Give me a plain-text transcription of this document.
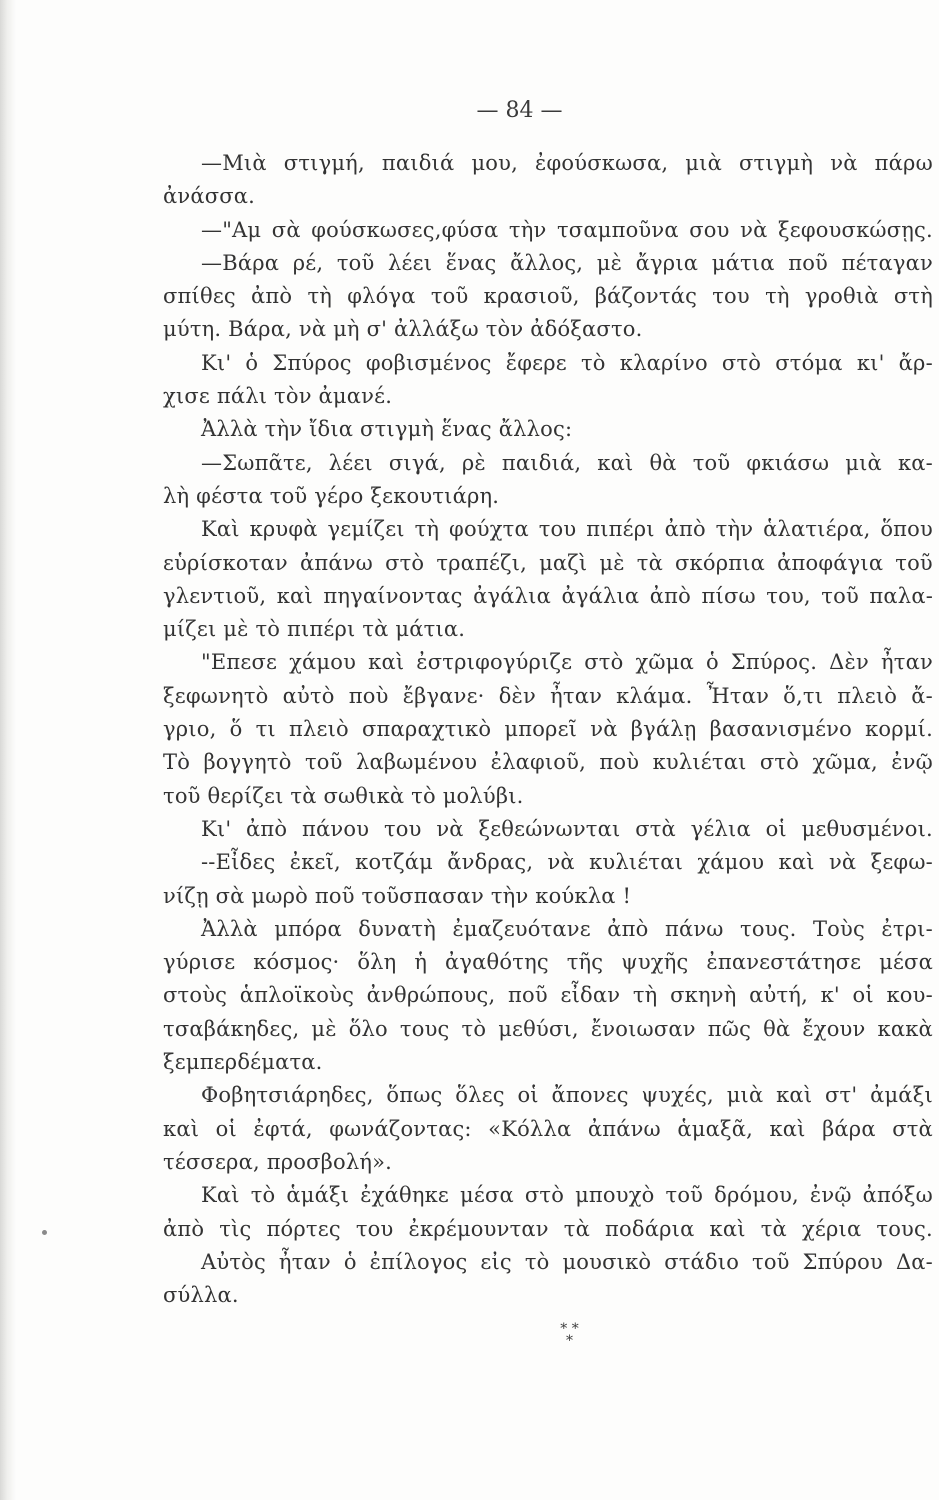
— 84 —
—Μιὰ στιγμή, παιδιά μου, ἐφούσκωσα, μιὰ στιγμὴ νὰ πάρω
ἀνάσσα.
—"Αμ σὰ φούσκωσες,φύσα τὴν τσαμποῦνα σου νὰ ξεφουσκώσῃς.
—Βάρα ρέ, τοῦ λέει ἕνας ἄλλος, μὲ ἄγρια μάτια ποῦ πέταγαν
σπίθες ἀπὸ τὴ φλόγα τοῦ κρασιοῦ, βάζοντάς του τὴ γροθιὰ στὴ
μύτη. Βάρα, νὰ μὴ σ' ἀλλάξω τὸν ἀδόξαστο.
Κι' ὁ Σπύρος φοβισμένος ἔφερε τὸ κλαρίνο στὸ στόμα κι' ἄρ-
χισε πάλι τὸν ἀμανέ.
Ἀλλὰ τὴν ἴδια στιγμὴ ἕνας ἄλλος:
—Σωπᾶτε, λέει σιγά, ρὲ παιδιά, καὶ θὰ τοῦ φκιάσω μιὰ κα-
λὴ φέστα τοῦ γέρο ξεκουτιάρη.
Καὶ κρυφὰ γεμίζει τὴ φούχτα του πιπέρι ἀπὸ τὴν ἁλατιέρα, ὅπου
εὑρίσκοταν ἀπάνω στὸ τραπέζι, μαζὶ μὲ τὰ σκόρπια ἀποφάγια τοῦ
γλεντιοῦ, καὶ πηγαίνοντας ἀγάλια ἀγάλια ἀπὸ πίσω του, τοῦ παλα-
μίζει μὲ τὸ πιπέρι τὰ μάτια.
"Επεσε χάμου καὶ ἐστριφογύριζε στὸ χῶμα ὁ Σπύρος. Δὲν ἦταν
ξεφωνητὸ αὐτὸ ποὺ ἔβγανε· δὲν ἦταν κλάμα. Ἦταν ὅ,τι πλειὸ ἄ-
γριο, ὅ τι πλειὸ σπαραχτικὸ μπορεῖ νὰ βγάλῃ βασανισμένο κορμί.
Τὸ βογγητὸ τοῦ λαβωμένου ἐλαφιοῦ, ποὺ κυλιέται στὸ χῶμα, ἐνῷ
τοῦ θερίζει τὰ σωθικὰ τὸ μολύβι.
Κι' ἀπὸ πάνου του νὰ ξεθεώνωνται στὰ γέλια οἱ μεθυσμένοι.
--Εἶδες ἐκεῖ, κοτζάμ ἄνδρας, νὰ κυλιέται χάμου καὶ νὰ ξεφω-
νίζῃ σὰ μωρὸ ποῦ τοῦσπασαν τὴν κούκλα !
Ἀλλὰ μπόρα δυνατὴ ἐμαζευότανε ἀπὸ πάνω τους. Τοὺς ἐτρι-
γύρισε κόσμος· ὅλη ἡ ἀγαθότης τῆς ψυχῆς ἐπανεστάτησε μέσα
στοὺς ἁπλοϊκοὺς ἀνθρώπους, ποῦ εἶδαν τὴ σκηνὴ αὐτή, κ' οἱ κου-
τσαβάκηδες, μὲ ὅλο τους τὸ μεθύσι, ἔνοιωσαν πῶς θὰ ἔχουν κακὰ
ξεμπερδέματα.
Φοβητσιάρηδες, ὅπως ὅλες οἱ ἄπονες ψυχές, μιὰ καὶ στ' ἀμάξι
καὶ οἱ ἐφτά, φωνάζοντας: «Κόλλα ἀπάνω ἁμαξᾶ, καὶ βάρα στὰ
τέσσερα, προσβολή».
Καὶ τὸ ἁμάξι ἐχάθηκε μέσα στὸ μπουχὸ τοῦ δρόμου, ἐνῷ ἀπόξω
ἀπὸ τὶς πόρτες του ἐκρέμουνταν τὰ ποδάρια καὶ τὰ χέρια τους.
Αὐτὸς ἦταν ὁ ἐπίλογος εἰς τὸ μουσικὸ στάδιο τοῦ Σπύρου Δα-
σύλλα.
* *
*
